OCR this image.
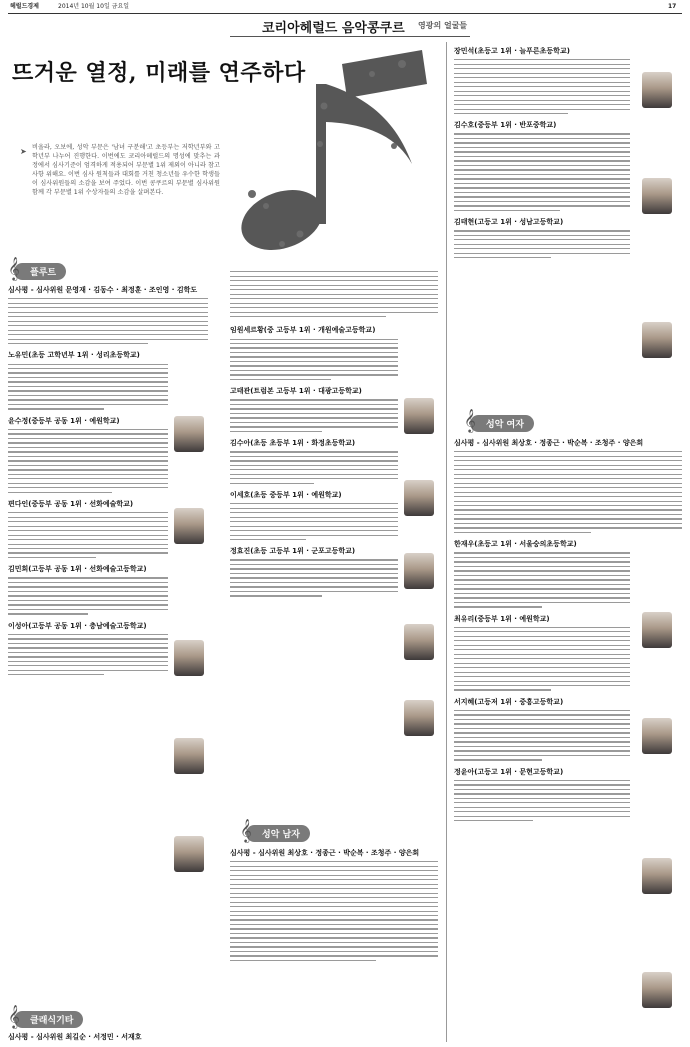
헤럴드경제	2014년 10월 10일 금요일	17
코리아헤럴드 음악콩쿠르 영광의 얼굴들
뜨거운 열정, 미래를 연주하다
➤ 비올라, 오보에, 성악 부문은 '남녀 구분해'고 초등부는 저학년부와 고학년부 나누어 진행한다. 이번에도 코리아헤럴드의 명성에 맞추는 과정에서 심사기준이 엄격하게 적용되어 부문별 1위 제외이 아니라 참고사항 위해요. 이번 심사 원칙들과 대회를 거친 청소년들 우수한 학생들이 심사위원들의 소감을 보여 주었다. 이번 콩쿠르의 부문별 심사위원 함께 각 부문별 1위 수상자들의 소감을 살펴본다.
𝄞	플루트
심사평 - 심사위원 문영재 · 김동수 · 최정훈 · 조인영 · 김학도
노유민(초등 고학년부 1위 · 성리초등학교)
윤수정(중등부 공동 1위 · 예원학교)
편다인(중등부 공동 1위 · 선화예술학교)
김민희(고등부 공동 1위 · 선화예술고등학교)
이성아(고등부 공동 1위 · 충남예술고등학교)
𝄞	클래식기타
심사평 - 심사위원 최길순 · 서정민 · 서재호
임원세르황(중 고등부 1위 · 개원예술고등학교)
고태관(트럼본 고등부 1위 · 대광고등학교)
김수아(초등 초등부 1위 · 화정초등학교)
이세호(초등 중등부 1위 · 예원학교)
정효진(초등 고등부 1위 · 군포고등학교)
𝄞	성악 남자
심사평 - 심사위원 최상호 · 정종근 · 박순복 · 조청주 · 양은희
장민석(초등고 1위 · 늘푸른초등학교)
김수호(중등부 1위 · 반포중학교)
김태현(고등고 1위 · 성남고등학교)
𝄞	성악 여자
심사평 - 심사위원 최상호 · 정종근 · 박순복 · 조청주 · 양은희
한재우(초등고 1위 · 서울숭의초등학교)
최유리(중등부 1위 · 예원학교)
서지혜(고등저 1위 · 중흥고등학교)
정윤아(고등고 1위 · 문현고등학교)
